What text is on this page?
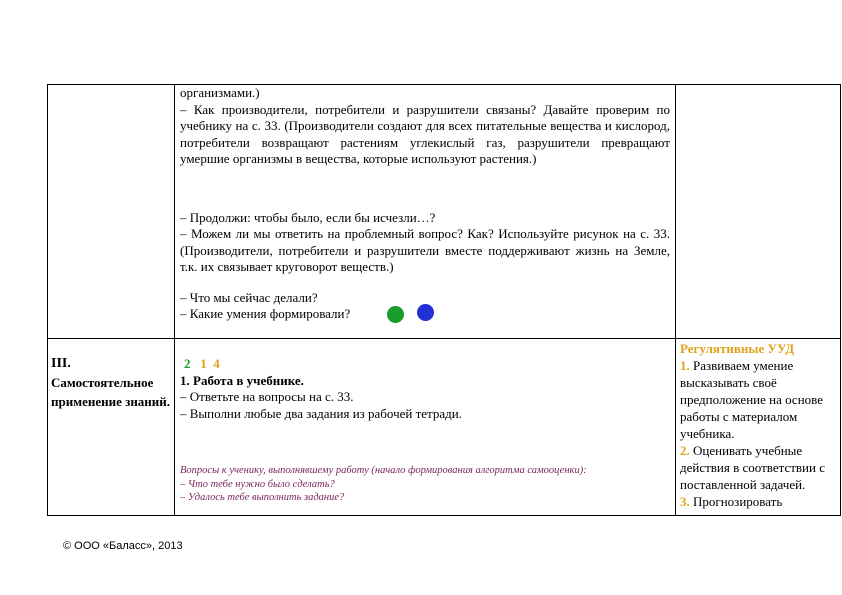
организмами.)

– Как производители, потребители и разрушители связаны? Давайте проверим по учебнику на с. 33. (Производители создают для всех питательные вещества и кислород, потребители возвращают растениям углекислый газ, разрушители превращают умершие организмы в вещества, которые используют растения.)

– Продолжи: чтобы было, если бы исчезли…?

– Можем ли мы ответить на проблемный вопрос? Как? Используйте рисунок на с. 33. (Производители, потребители и разрушители вместе поддерживают жизнь на Земле, т.к. их связывает круговорот веществ.)

– Что мы сейчас делали?

– Какие умения формировали?

III.

Самостоятельное применение знаний.

2 1 4

1. Работа в учебнике.

– Ответьте на вопросы на с. 33.

– Выполни любые два задания из рабочей тетради.

Вопросы к ученику, выполнявшему работу (начало формирования алгоритма самооценки):

– Что тебе нужно было сделать?

– Удалось тебе выполнить задание?

Регулятивные УУД

1. Развиваем умение высказывать своё предположение на основе работы с материалом учебника.

2. Оценивать учебные действия в соответствии с поставленной задачей.

3. Прогнозировать

© ООО «Баласс», 2013
